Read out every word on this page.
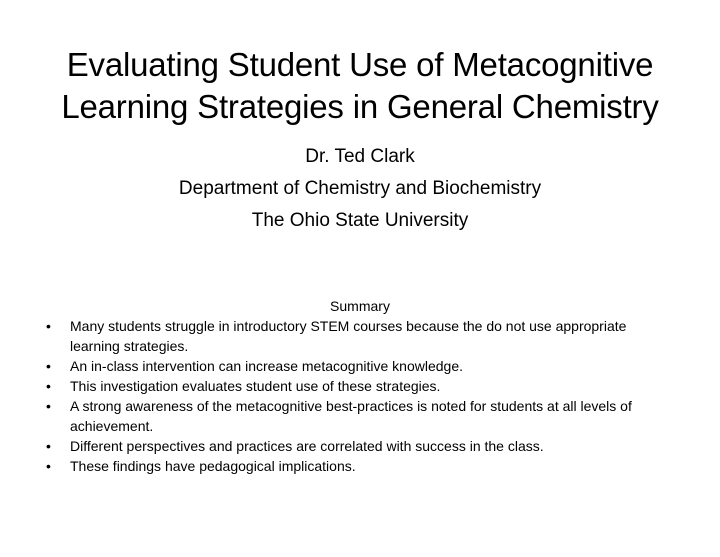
Evaluating Student Use of Metacognitive
Learning Strategies in General Chemistry
Dr. Ted Clark
Department of Chemistry and Biochemistry
The Ohio State University
Summary
• Many students struggle in introductory STEM courses because the do not use appropriate learning strategies.
• An in-class intervention can increase metacognitive knowledge.
• This investigation evaluates student use of these strategies.
• A strong awareness of the metacognitive best-practices is noted for students at all levels of achievement.
• Different perspectives and practices are correlated with success in the class.
• These findings have pedagogical implications.
